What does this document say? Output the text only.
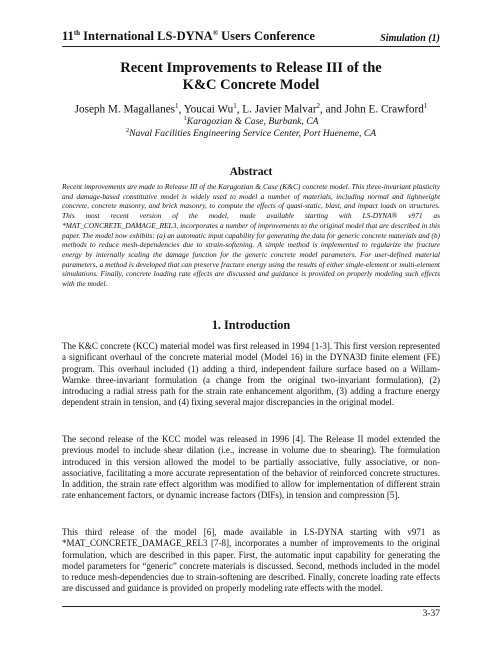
11th International LS-DYNA® Users Conference	Simulation (1)
Recent Improvements to Release III of the
K&C Concrete Model
Joseph M. Magallanes$^1$, Youcai Wu$^1$, L. Javier Malvar$^2$, and John E. Crawford$^1$
$^1$Karagozian & Case, Burbank, CA
$^2$Naval Facilities Engineering Service Center, Port Hueneme, CA
Abstract
Recent improvements are made to Release III of the Karagozian & Case (K&C) concrete model. This three-invariant plasticity and damage-based constitutive model is widely used to model a number of materials, including normal and lightweight concrete, concrete masonry, and brick masonry, to compute the effects of quasi-static, blast, and impact loads on structures. This most recent version of the model, made available starting with LS-DYNA® v971 as *MAT_CONCRETE_DAMAGE_REL3, incorporates a number of improvements to the original model that are described in this paper. The model now exhibits: (a) an automatic input capability for generating the data for generic concrete materials and (b) methods to reduce mesh-dependencies due to strain-softening. A simple method is implemented to regularize the fracture energy by internally scaling the damage function for the generic concrete model parameters. For user-defined material parameters, a method is developed that can preserve fracture energy using the results of either single-element or multi-element simulations. Finally, concrete loading rate effects are discussed and guidance is provided on properly modeling such effects with the model.
1. Introduction
The K&C concrete (KCC) material model was first released in 1994 [1-3]. This first version represented a significant overhaul of the concrete material model (Model 16) in the DYNA3D finite element (FE) program. This overhaul included (1) adding a third, independent failure surface based on a Willam-Warnke three-invariant formulation (a change from the original two-invariant formulation), (2) introducing a radial stress path for the strain rate enhancement algorithm, (3) adding a fracture energy dependent strain in tension, and (4) fixing several major discrepancies in the original model.
The second release of the KCC model was released in 1996 [4]. The Release II model extended the previous model to include shear dilation (i.e., increase in volume due to shearing). The formulation introduced in this version allowed the model to be partially associative, fully associative, or non-associative, facilitating a more accurate representation of the behavior of reinforced concrete structures. In addition, the strain rate effect algorithm was modified to allow for implementation of different strain rate enhancement factors, or dynamic increase factors (DIFs), in tension and compression [5].
This third release of the model [6], made available in LS-DYNA starting with v971 as *MAT_CONCRETE_DAMAGE_REL3 [7-8], incorporates a number of improvements to the original formulation, which are described in this paper. First, the automatic input capability for generating the model parameters for “generic” concrete materials is discussed. Second, methods included in the model to reduce mesh-dependencies due to strain-softening are described. Finally, concrete loading rate effects are discussed and guidance is provided on properly modeling rate effects with the model.
3-37
